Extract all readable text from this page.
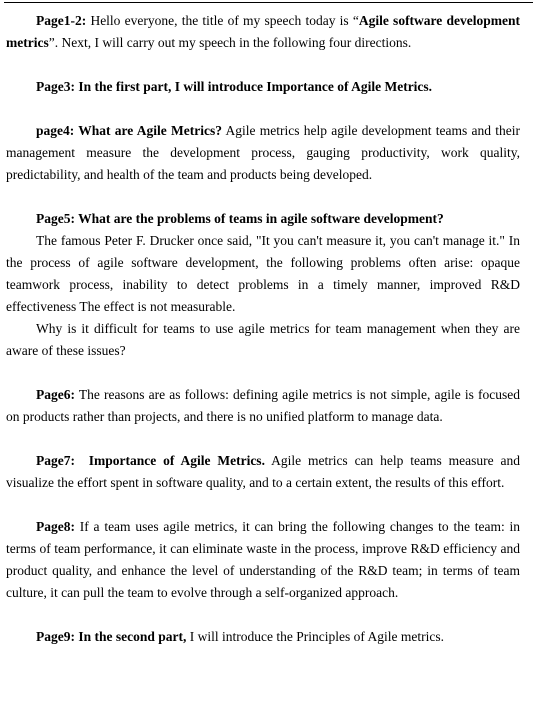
Page1-2: Hello everyone, the title of my speech today is “Agile software development metrics”. Next, I will carry out my speech in the following four directions.

Page3: In the first part, I will introduce Importance of Agile Metrics.

page4: What are Agile Metrics? Agile metrics help agile development teams and their management measure the development process, gauging productivity, work quality, predictability, and health of the team and products being developed.

Page5: What are the problems of teams in agile software development?

The famous Peter F. Drucker once said, "It you can't measure it, you can't manage it." In the process of agile software development, the following problems often arise: opaque teamwork process, inability to detect problems in a timely manner, improved R&D effectiveness The effect is not measurable.

Why is it difficult for teams to use agile metrics for team management when they are aware of these issues?

Page6: The reasons are as follows: defining agile metrics is not simple, agile is focused on products rather than projects, and there is no unified platform to manage data.

Page7:  Importance of Agile Metrics. Agile metrics can help teams measure and visualize the effort spent in software quality, and to a certain extent, the results of this effort.

Page8: If a team uses agile metrics, it can bring the following changes to the team: in terms of team performance, it can eliminate waste in the process, improve R&D efficiency and product quality, and enhance the level of understanding of the R&D team; in terms of team culture, it can pull the team to evolve through a self-organized approach.

Page9: In the second part, I will introduce the Principles of Agile metrics.
